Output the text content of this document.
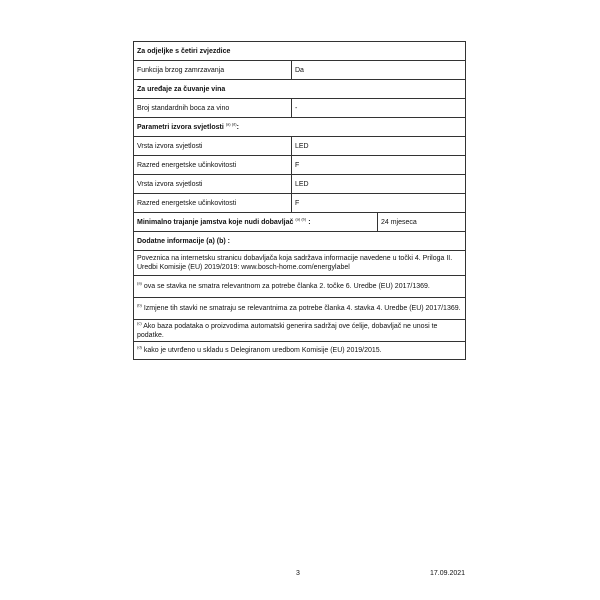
Za odjeljke s četiri zvjezdice		
Funkcija brzog zamrzavanja	Da	
Za uređaje za čuvanje vina		
Broj standardnih boca za vino	-	
Parametri izvora svjetlosti $^{(a) (d)}$:		
Vrsta izvora svjetlosti	LED	
Razred energetske učinkovitosti	F	
Vrsta izvora svjetlosti	LED	
Razred energetske učinkovitosti	F	
Minimalno trajanje jamstva koje nudi dobavljač $^{(a) (b)}$ :		24 mjeseca
Dodatne informacije (a) (b) :		
Poveznica na internetsku stranicu dobavljača koja sadržava informacije navedene u točki 4. Priloga II. Uredbi Komisije (EU) 2019/2019: www.bosch-home.com/energylabel		
$^{(a)}$ ova se stavka ne smatra relevantnom za potrebe članka 2. točke 6. Uredbe (EU) 2017/1369.		
$^{(b)}$ Izmjene tih stavki ne smatraju se relevantnima za potrebe članka 4. stavka 4. Uredbe (EU) 2017/1369.		
$^{(c)}$ Ako baza podataka o proizvodima automatski generira sadržaj ove ćelije, dobavljač ne unosi te podatke.		
$^{(d)}$ kako je utvrđeno u skladu s Delegiranom uredbom Komisije (EU) 2019/2015.		
3	17.09.2021
